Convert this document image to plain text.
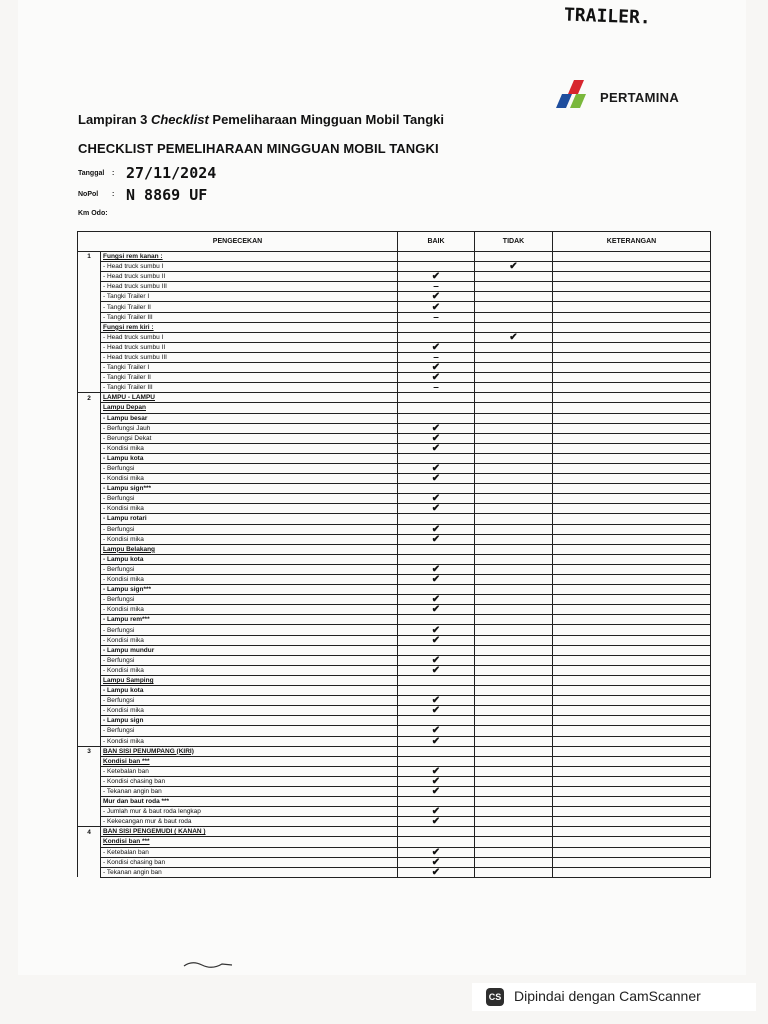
TRAILER.
PERTAMINA
Lampiran 3 Checklist Pemeliharaan Mingguan Mobil Tangki
CHECKLIST PEMELIHARAAN MINGGUAN MOBIL TANGKI
Tanggal : 27/11/2024
NoPol : N 8869 UF
Km Odo:
PENGECEKAN		BAIK	TIDAK	KETERANGAN
1	Fungsi rem kanan :			
	- Head truck sumbu I		✔	
	- Head truck sumbu II	✔		
	- Head truck sumbu III	–		
	- Tangki Trailer I	✔		
	- Tangki Trailer II	✔		
	- Tangki Trailer III	–		
	Fungsi rem kiri :			
	- Head truck sumbu I		✔	
	- Head truck sumbu II	✔		
	- Head truck sumbu III	–		
	- Tangki Trailer I	✔		
	- Tangki Trailer II	✔		
	- Tangki Trailer III	–		
2	LAMPU - LAMPU			
	Lampu Depan			
	- Lampu besar			
	- Berfungsi Jauh	✔		
	- Berungsi Dekat	✔		
	- Kondisi mika	✔		
	- Lampu kota			
	- Berfungsi	✔		
	- Kondisi mika	✔		
	- Lampu sign***			
	- Berfungsi	✔		
	- Kondisi mika	✔		
	- Lampu rotari			
	- Berfungsi	✔		
	- Kondisi mika	✔		
	Lampu Belakang			
	- Lampu kota			
	- Berfungsi	✔		
	- Kondisi mika	✔		
	- Lampu sign***			
	- Berfungsi	✔		
	- Kondisi mika	✔		
	- Lampu rem***			
	- Berfungsi	✔		
	- Kondisi mika	✔		
	- Lampu mundur			
	- Berfungsi	✔		
	- Kondisi mika	✔		
	Lampu Samping			
	- Lampu kota			
	- Berfungsi	✔		
	- Kondisi mika	✔		
	- Lampu sign			
	- Berfungsi	✔		
	- Kondisi mika	✔		
3	BAN SISI PENUMPANG (KIRI)			
	Kondisi ban ***			
	- Ketebalan ban	✔		
	- Kondisi chasing ban	✔		
	- Tekanan angin ban	✔		
	Mur dan baut roda ***			
	- Jumlah mur & baut roda lengkap	✔		
	- Kekecangan mur & baut roda	✔		
4	BAN SISI PENGEMUDI ( KANAN )			
	Kondisi ban ***			
	- Ketebalan ban	✔		
	- Kondisi chasing ban	✔		
	- Tekanan angin ban	✔		
CS Dipindai dengan CamScanner
